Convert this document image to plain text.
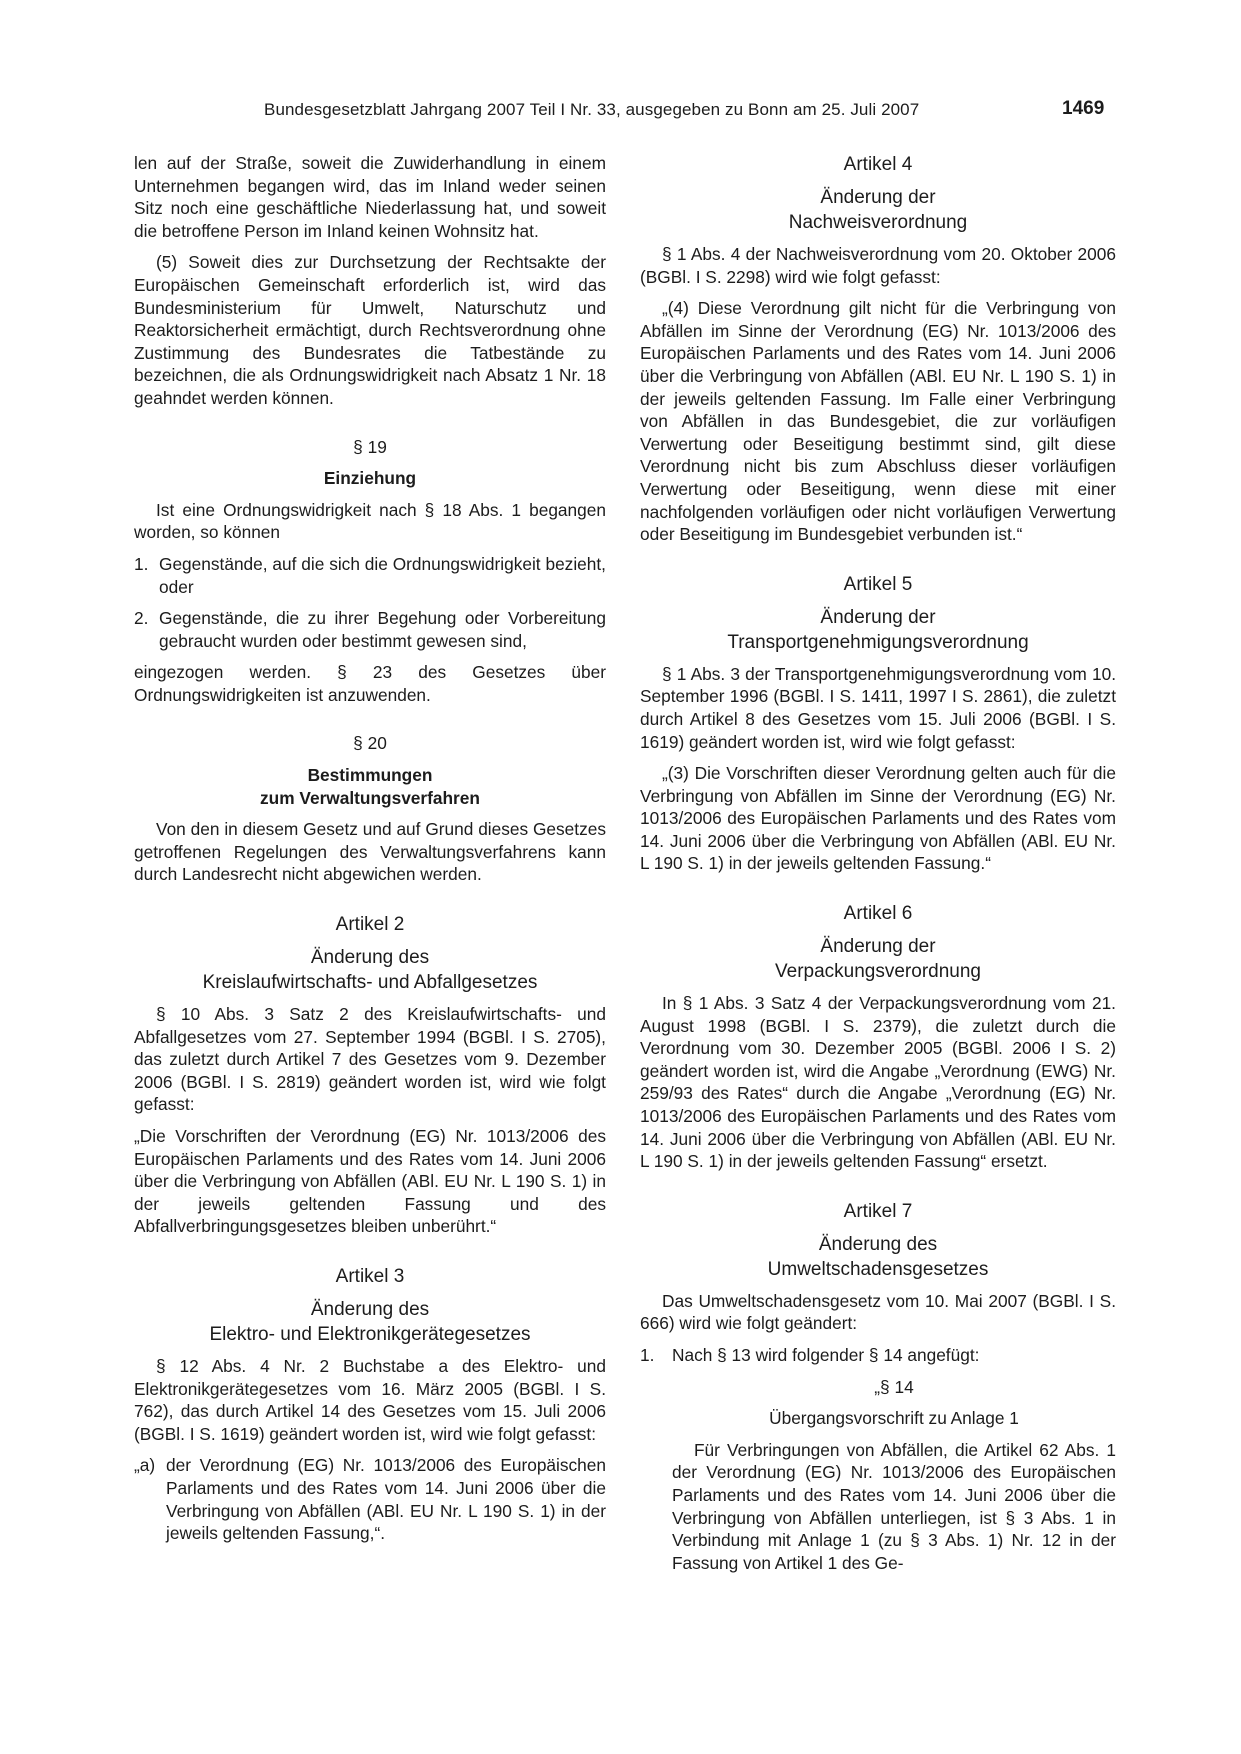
Bundesgesetzblatt Jahrgang 2007 Teil I Nr. 33, ausgegeben zu Bonn am 25. Juli 2007	1469

len auf der Straße, soweit die Zuwiderhandlung in einem Unternehmen begangen wird, das im Inland weder seinen Sitz noch eine geschäftliche Niederlassung hat, und soweit die betroffene Person im Inland keinen Wohnsitz hat.

(5) Soweit dies zur Durchsetzung der Rechtsakte der Europäischen Gemeinschaft erforderlich ist, wird das Bundesministerium für Umwelt, Naturschutz und Reaktorsicherheit ermächtigt, durch Rechtsverordnung ohne Zustimmung des Bundesrates die Tatbestände zu bezeichnen, die als Ordnungswidrigkeit nach Absatz 1 Nr. 18 geahndet werden können.

§ 19

Einziehung

Ist eine Ordnungswidrigkeit nach § 18 Abs. 1 begangen worden, so können

1. Gegenstände, auf die sich die Ordnungswidrigkeit bezieht, oder
2. Gegenstände, die zu ihrer Begehung oder Vorbereitung gebraucht wurden oder bestimmt gewesen sind,

eingezogen werden. § 23 des Gesetzes über Ordnungswidrigkeiten ist anzuwenden.

§ 20

Bestimmungen
zum Verwaltungsverfahren

Von den in diesem Gesetz und auf Grund dieses Gesetzes getroffenen Regelungen des Verwaltungsverfahrens kann durch Landesrecht nicht abgewichen werden.

Artikel 2

Änderung des
Kreislaufwirtschafts- und Abfallgesetzes

§ 10 Abs. 3 Satz 2 des Kreislaufwirtschafts- und Abfallgesetzes vom 27. September 1994 (BGBl. I S. 2705), das zuletzt durch Artikel 7 des Gesetzes vom 9. Dezember 2006 (BGBl. I S. 2819) geändert worden ist, wird wie folgt gefasst:

„Die Vorschriften der Verordnung (EG) Nr. 1013/2006 des Europäischen Parlaments und des Rates vom 14. Juni 2006 über die Verbringung von Abfällen (ABl. EU Nr. L 190 S. 1) in der jeweils geltenden Fassung und des Abfallverbringungsgesetzes bleiben unberührt.“

Artikel 3

Änderung des
Elektro- und Elektronikgerätegesetzes

§ 12 Abs. 4 Nr. 2 Buchstabe a des Elektro- und Elektronikgerätegesetzes vom 16. März 2005 (BGBl. I S. 762), das durch Artikel 14 des Gesetzes vom 15. Juli 2006 (BGBl. I S. 1619) geändert worden ist, wird wie folgt gefasst:

„a) der Verordnung (EG) Nr. 1013/2006 des Europäischen Parlaments und des Rates vom 14. Juni 2006 über die Verbringung von Abfällen (ABl. EU Nr. L 190 S. 1) in der jeweils geltenden Fassung,“.

Artikel 4

Änderung der
Nachweisverordnung

§ 1 Abs. 4 der Nachweisverordnung vom 20. Oktober 2006 (BGBl. I S. 2298) wird wie folgt gefasst:

„(4) Diese Verordnung gilt nicht für die Verbringung von Abfällen im Sinne der Verordnung (EG) Nr. 1013/2006 des Europäischen Parlaments und des Rates vom 14. Juni 2006 über die Verbringung von Abfällen (ABl. EU Nr. L 190 S. 1) in der jeweils geltenden Fassung. Im Falle einer Verbringung von Abfällen in das Bundesgebiet, die zur vorläufigen Verwertung oder Beseitigung bestimmt sind, gilt diese Verordnung nicht bis zum Abschluss dieser vorläufigen Verwertung oder Beseitigung, wenn diese mit einer nachfolgenden vorläufigen oder nicht vorläufigen Verwertung oder Beseitigung im Bundesgebiet verbunden ist.“

Artikel 5

Änderung der
Transportgenehmigungsverordnung

§ 1 Abs. 3 der Transportgenehmigungsverordnung vom 10. September 1996 (BGBl. I S. 1411, 1997 I S. 2861), die zuletzt durch Artikel 8 des Gesetzes vom 15. Juli 2006 (BGBl. I S. 1619) geändert worden ist, wird wie folgt gefasst:

„(3) Die Vorschriften dieser Verordnung gelten auch für die Verbringung von Abfällen im Sinne der Verordnung (EG) Nr. 1013/2006 des Europäischen Parlaments und des Rates vom 14. Juni 2006 über die Verbringung von Abfällen (ABl. EU Nr. L 190 S. 1) in der jeweils geltenden Fassung.“

Artikel 6

Änderung der
Verpackungsverordnung

In § 1 Abs. 3 Satz 4 der Verpackungsverordnung vom 21. August 1998 (BGBl. I S. 2379), die zuletzt durch die Verordnung vom 30. Dezember 2005 (BGBl. 2006 I S. 2) geändert worden ist, wird die Angabe „Verordnung (EWG) Nr. 259/93 des Rates“ durch die Angabe „Verordnung (EG) Nr. 1013/2006 des Europäischen Parlaments und des Rates vom 14. Juni 2006 über die Verbringung von Abfällen (ABl. EU Nr. L 190 S. 1) in der jeweils geltenden Fassung“ ersetzt.

Artikel 7

Änderung des
Umweltschadensgesetzes

Das Umweltschadensgesetz vom 10. Mai 2007 (BGBl. I S. 666) wird wie folgt geändert:

1. Nach § 13 wird folgender § 14 angefügt:

„§ 14

Übergangsvorschrift zu Anlage 1

Für Verbringungen von Abfällen, die Artikel 62 Abs. 1 der Verordnung (EG) Nr. 1013/2006 des Europäischen Parlaments und des Rates vom 14. Juni 2006 über die Verbringung von Abfällen unterliegen, ist § 3 Abs. 1 in Verbindung mit Anlage 1 (zu § 3 Abs. 1) Nr. 12 in der Fassung von Artikel 1 des Ge-
